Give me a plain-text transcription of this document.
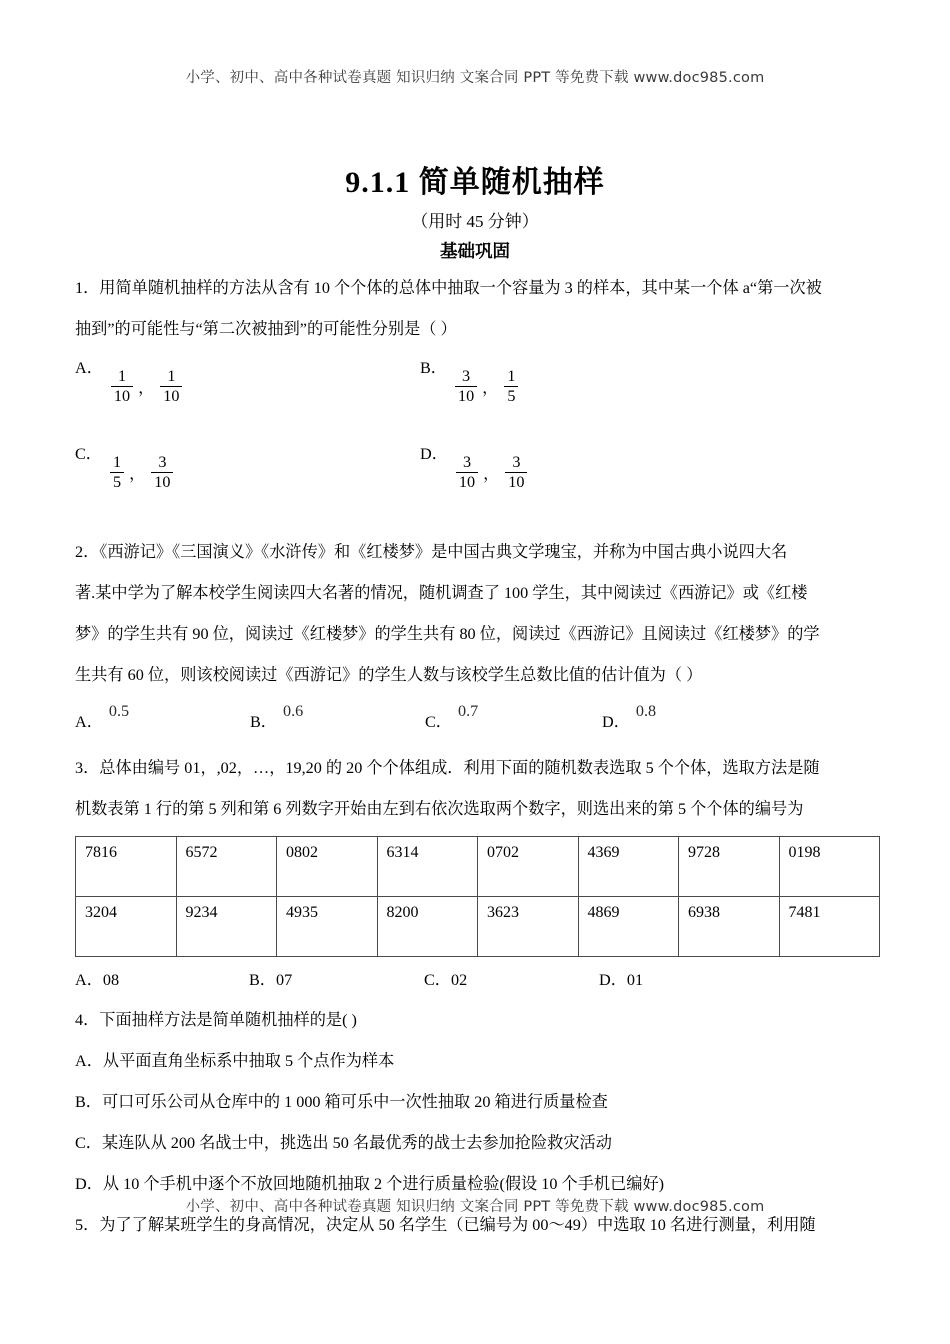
小学、初中、高中各种试卷真题 知识归纳 文案合同 PPT 等免费下载 www.doc985.com
9.1.1 简单随机抽样
（用时 45 分钟）
基础巩固
1．用简单随机抽样的方法从含有 10 个个体的总体中抽取一个容量为 3 的样本，其中某一个体 a“第一次被
抽到”的可能性与“第二次被抽到”的可能性分别是（ ）
A． $\frac{1}{10}$ ， $\frac{1}{10}$	B． $\frac{3}{10}$ ， $\frac{1}{5}$
C． $\frac{1}{5}$ ， $\frac{3}{10}$	D． $\frac{3}{10}$ ， $\frac{3}{10}$
2．《西游记》《三国演义》《水浒传》和《红楼梦》是中国古典文学瑰宝，并称为中国古典小说四大名
著.某中学为了解本校学生阅读四大名著的情况，随机调查了 100 学生，其中阅读过《西游记》或《红楼
梦》的学生共有 90 位，阅读过《红楼梦》的学生共有 80 位，阅读过《西游记》且阅读过《红楼梦》的学
生共有 60 位，则该校阅读过《西游记》的学生人数与该校学生总数比值的估计值为（ ）
A．0.5
B．0.6
C．0.7
D．0.8
3．总体由编号 01，,02，…，19,20 的 20 个个体组成．利用下面的随机数表选取 5 个个体，选取方法是随
机数表第 1 行的第 5 列和第 6 列数字开始由左到右依次选取两个数字，则选出来的第 5 个个体的编号为
7816	6572	0802	6314	0702	4369	9728	0198
3204	9234	4935	8200	3623	4869	6938	7481
A．08	B．07	C．02	D．01
4．下面抽样方法是简单随机抽样的是( )
A．从平面直角坐标系中抽取 5 个点作为样本
B．可口可乐公司从仓库中的 1 000 箱可乐中一次性抽取 20 箱进行质量检查
C．某连队从 200 名战士中，挑选出 50 名最优秀的战士去参加抢险救灾活动
D．从 10 个手机中逐个不放回地随机抽取 2 个进行质量检验(假设 10 个手机已编好)
5．为了了解某班学生的身高情况，决定从 50 名学生（已编号为 00～49）中选取 10 名进行测量，利用随
小学、初中、高中各种试卷真题 知识归纳 文案合同 PPT 等免费下载 www.doc985.com
